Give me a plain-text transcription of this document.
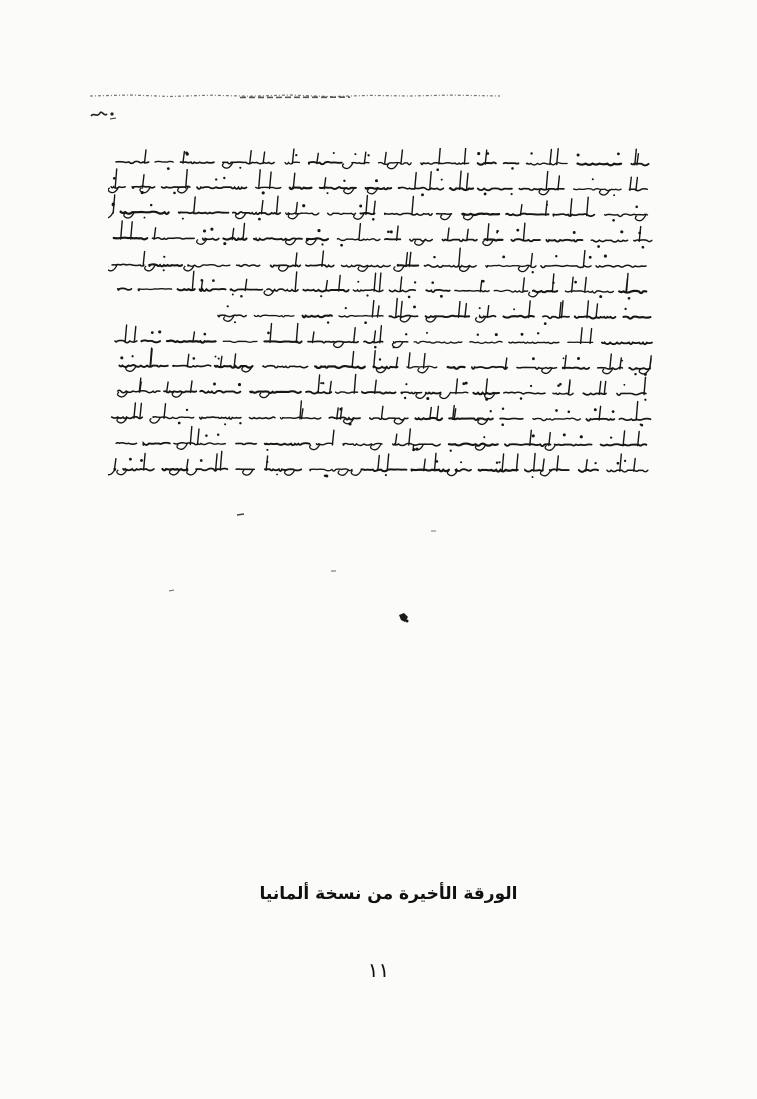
الورقة الأخيرة من نسخة ألمانيا
١١
